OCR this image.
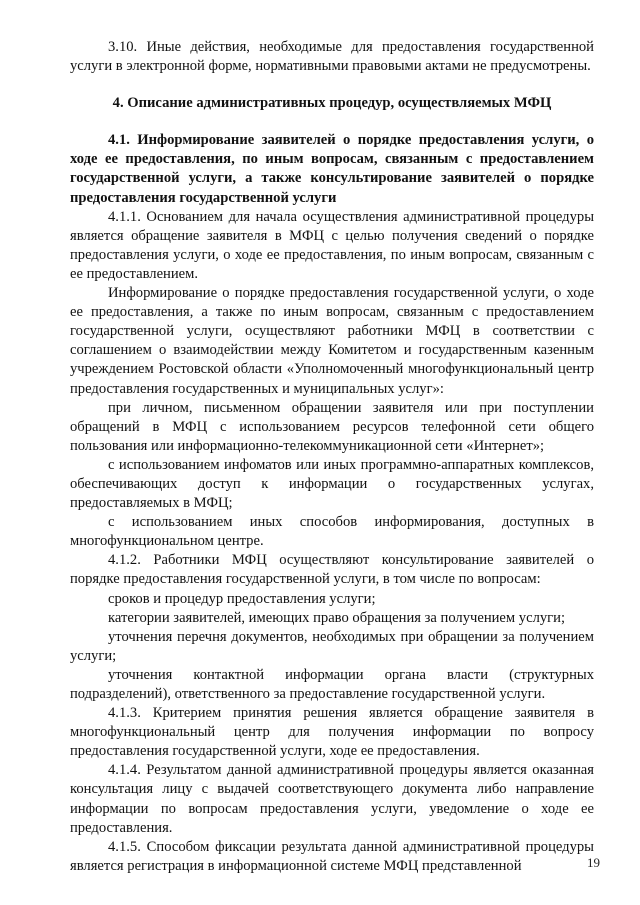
3.10. Иные действия, необходимые для предоставления государственной услуги в электронной форме, нормативными правовыми актами не предусмотрены.

4. Описание административных процедур, осуществляемых МФЦ

4.1. Информирование заявителей о порядке предоставления услуги, о ходе ее предоставления, по иным вопросам, связанным с предоставлением государственной услуги, а также консультирование заявителей о порядке предоставления государственной услуги

4.1.1. Основанием для начала осуществления административной процедуры является обращение заявителя в МФЦ с целью получения сведений о порядке предоставления услуги, о ходе ее предоставления, по иным вопросам, связанным с ее предоставлением.

Информирование о порядке предоставления государственной услуги, о ходе ее предоставления, а также по иным вопросам, связанным с предоставлением государственной услуги, осуществляют работники МФЦ в соответствии с соглашением о взаимодействии между Комитетом и государственным казенным учреждением Ростовской области «Уполномоченный многофункциональный центр предоставления государственных и муниципальных услуг»:

при личном, письменном обращении заявителя или при поступлении обращений в МФЦ с использованием ресурсов телефонной сети общего пользования или информационно-телекоммуникационной сети «Интернет»;

с использованием инфоматов или иных программно-аппаратных комплексов, обеспечивающих доступ к информации о государственных услугах, предоставляемых в МФЦ;

с использованием иных способов информирования, доступных в многофункциональном центре.

4.1.2. Работники МФЦ осуществляют консультирование заявителей о порядке предоставления государственной услуги, в том числе по вопросам:

сроков и процедур предоставления услуги;

категории заявителей, имеющих право обращения за получением услуги;

уточнения перечня документов, необходимых при обращении за получением услуги;

уточнения контактной информации органа власти (структурных подразделений), ответственного за предоставление государственной услуги.

4.1.3. Критерием принятия решения является обращение заявителя в многофункциональный центр для получения информации по вопросу предоставления государственной услуги, ходе ее предоставления.

4.1.4. Результатом данной административной процедуры является оказанная консультация лицу с выдачей соответствующего документа либо направление информации по вопросам предоставления услуги, уведомление о ходе ее предоставления.

4.1.5. Способом фиксации результата данной административной процедуры является регистрация в информационной системе МФЦ представленной	19
